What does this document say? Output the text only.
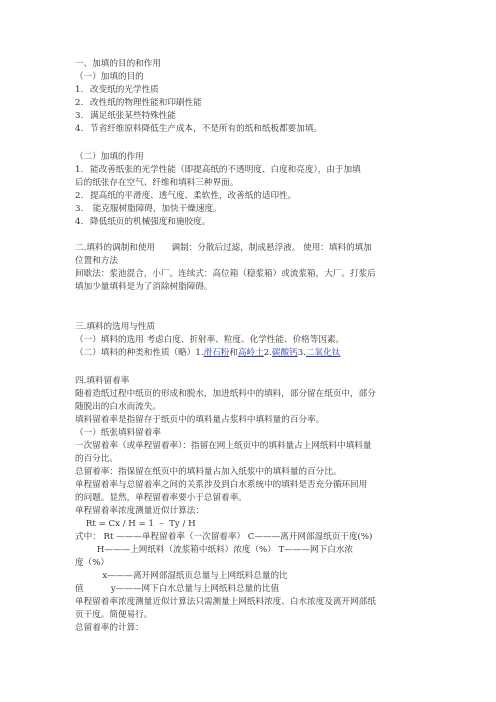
一、加填的目的和作用
（一）加填的目的
1. 改变纸的光学性质
2. 改性纸的物理性能和印刷性能
3. 满足纸张某些特殊性能
4. 节省纤维原料降低生产成本，不是所有的纸和纸板都要加填。
（二）加填的作用
1. 能改善纸张的光学性能（即提高纸的不透明度、白度和亮度），由于加填
后的纸张存在空气、纤维和填料三种界面。
2. 提高纸的平滑度、透气度、柔软性，改善纸的适印性。
3. 能克服树脂障碍，加快干燥速度。
4. 降低纸页的机械强度和施胶度。
二.填料的调制和使用      调制：分散后过滤，制成悬浮液。 使用：填料的填加
位置和方法
间歇法：浆池混合，小厂。连续式：高位箱（稳浆箱）或流浆箱，大厂。打浆后
填加少量填料是为了消除树脂障碍。
三.填料的选用与性质
（一）填料的选用 考虑白度、折射率、粒度、化学性能、价格等因素。
（二）填料的种类和性质（略）1.滑石粉和高岭土2.碳酸钙3.二氧化钛
四.填料留着率
随着造纸过程中纸页的形成和脱水，加进纸料中的填料，部分留在纸页中，部分
随脱出的白水而流失。
填料留着率是指留存于纸页中的填料量占浆料中填料量的百分率。
（一）纸张填料留着率
一次留着率（或单程留着率）：指留在网上纸页中的填料量占上网纸料中填料量
的百分比。
总留着率：指保留在纸页中的填料量占加入纸浆中的填料量的百分比。
单程留着率与总留着率之间的关系涉及到白水系统中的填料是否充分循环回用
的问题。显然，单程留着率要小于总留着率。
单程留着率浓度测量近似计算法：
Rt = Cx / H = 1  –  Ty / H
式中： Rt ———单程留着率（一次留着率） C———离开网部湿纸页干度(%)
H———上网纸料（流浆箱中纸料）浓度（%） T———网下白水浓
度（%）
x———离开网部湿纸页总量与上网纸料总量的比
值          y———网下白水总量与上网纸料总量的比值
单程留着率浓度测量近似计算法只需测量上网纸料浓度、白水浓度及离开网部纸
页干度。简便易行。
总留着率的计算：
